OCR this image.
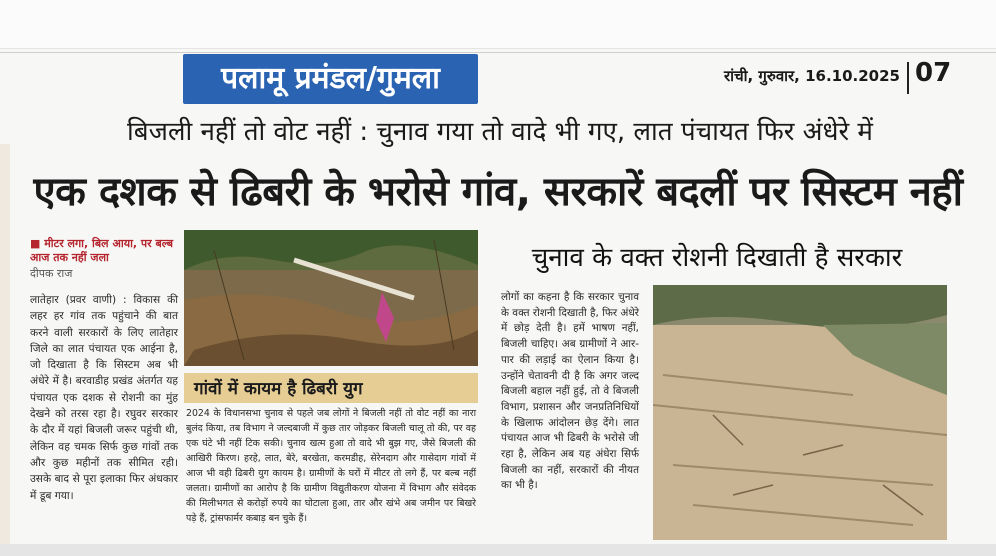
पलामू प्रमंडल/गुमला	रांची, गुरुवार, 16.10.2025 07
बिजली नहीं तो वोट नहीं : चुनाव गया तो वादे भी गए, लात पंचायत फिर अंधेरे में
एक दशक से ढिबरी के भरोसे गांव, सरकारें बदलीं पर सिस्टम नहीं
■ मीटर लगा, बिल आया, पर बल्ब आज तक नहीं जला
दीपक राज
लातेहार (प्रवर वाणी) : विकास की लहर हर गांव तक पहुंचाने की बात करने वाली सरकारों के लिए लातेहार जिले का लात पंचायत एक आईना है, जो दिखाता है कि सिस्टम अब भी अंधेरे में है। बरवाडीह प्रखंड अंतर्गत यह पंचायत एक दशक से रोशनी का मुंह देखने को तरस रहा है। रघुवर सरकार के दौर में यहां बिजली जरूर पहुंची थी, लेकिन वह चमक सिर्फ कुछ गांवों तक और कुछ महीनों तक सीमित रही। उसके बाद से पूरा इलाका फिर अंधकार में डूब गया।
गांवों में कायम है ढिबरी युग
2024 के विधानसभा चुनाव से पहले जब लोगों ने बिजली नहीं तो वोट नहीं का नारा बुलंद किया, तब विभाग ने जल्दबाजी में कुछ तार जोड़कर बिजली चालू तो की, पर वह एक घंटे भी नहीं टिक सकी। चुनाव खत्म हुआ तो वादे भी बुझ गए, जैसे बिजली की आखिरी किरण। हरहे, लात, बेरे, बरखेता, करमडीह, सेरेनदाग और गासेदाग गांवों में आज भी वही ढिबरी युग कायम है। ग्रामीणों के घरों में मीटर तो लगे हैं, पर बल्ब नहीं जलता। ग्रामीणों का आरोप है कि ग्रामीण विद्युतीकरण योजना में विभाग और संवेदक की मिलीभगत से करोड़ों रुपये का घोटाला हुआ, तार और खंभे अब जमीन पर बिखरे पड़े हैं, ट्रांसफार्मर कबाड़ बन चुके हैं।
चुनाव के वक्त रोशनी दिखाती है सरकार
लोगों का कहना है कि सरकार चुनाव के वक्त रोशनी दिखाती है, फिर अंधेरे में छोड़ देती है। हमें भाषण नहीं, बिजली चाहिए। अब ग्रामीणों ने आर-पार की लड़ाई का ऐलान किया है। उन्होंने चेतावनी दी है कि अगर जल्द बिजली बहाल नहीं हुई, तो वे बिजली विभाग, प्रशासन और जनप्रतिनिधियों के खिलाफ आंदोलन छेड़ देंगे। लात पंचायत आज भी ढिबरी के भरोसे जी रहा है, लेकिन अब यह अंधेरा सिर्फ बिजली का नहीं, सरकारों की नीयत का भी है।
